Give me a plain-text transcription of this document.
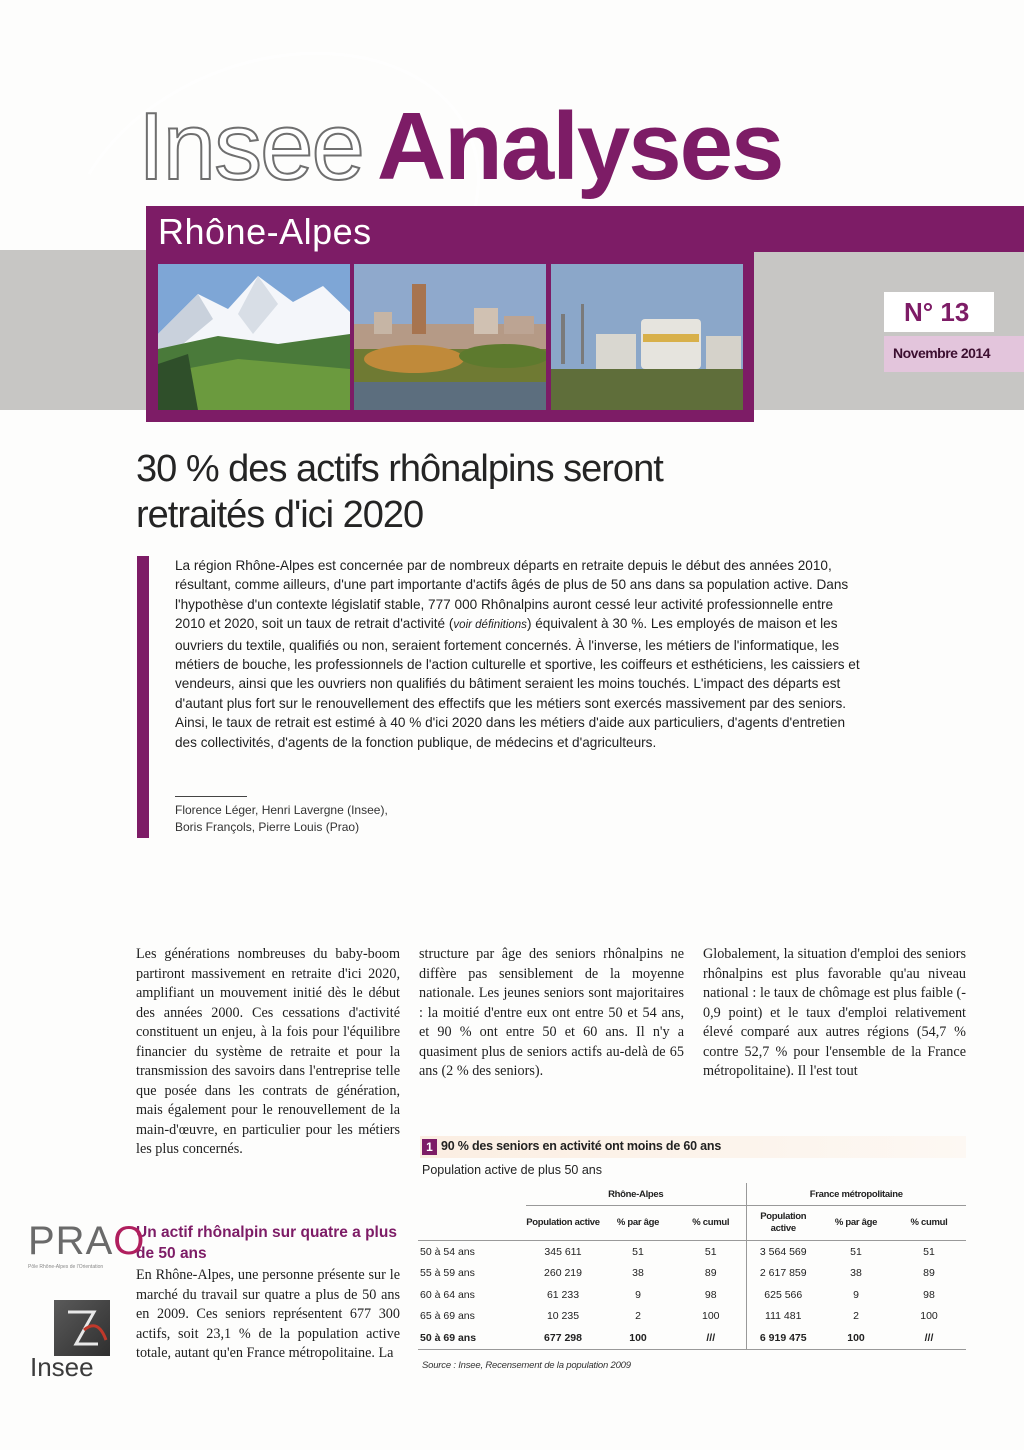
Insee Analyses
Rhône-Alpes
N° 13
Novembre 2014
30 % des actifs rhônalpins seront
retraités d'ici 2020
La région Rhône-Alpes est concernée par de nombreux départs en retraite depuis le début des années 2010, résultant, comme ailleurs, d'une part importante d'actifs âgés de plus de 50 ans dans sa population active. Dans l'hypothèse d'un contexte législatif stable, 777 000 Rhônalpins auront cessé leur activité professionnelle entre 2010 et 2020, soit un taux de retrait d'activité (voir définitions) équivalent à 30 %. Les employés de maison et les ouvriers du textile, qualifiés ou non, seraient fortement concernés. À l'inverse, les métiers de l'informatique, les métiers de bouche, les professionnels de l'action culturelle et sportive, les coiffeurs et esthéticiens, les caissiers et vendeurs, ainsi que les ouvriers non qualifiés du bâtiment seraient les moins touchés. L'impact des départs est d'autant plus fort sur le renouvellement des effectifs que les métiers sont exercés massivement par des seniors. Ainsi, le taux de retrait est estimé à 40 % d'ici 2020 dans les métiers d'aide aux particuliers, d'agents d'entretien des collectivités, d'agents de la fonction publique, de médecins et d'agriculteurs.
Florence Léger, Henri Lavergne (Insee),
Boris Françols, Pierre Louis (Prao)
Les générations nombreuses du baby-boom partiront massivement en retraite d'ici 2020, amplifiant un mouvement initié dès le début des années 2000. Ces cessations d'activité constituent un enjeu, à la fois pour l'équilibre financier du système de retraite et pour la transmission des savoirs dans l'entreprise telle que posée dans les contrats de génération, mais également pour le renouvellement de la main-d'œuvre, en particulier pour les métiers les plus concernés.
Un actif rhônalpin sur quatre a plus de 50 ans
En Rhône-Alpes, une personne présente sur le marché du travail sur quatre a plus de 50 ans en 2009. Ces seniors représentent 677 300 actifs, soit 23,1 % de la population active totale, autant qu'en France métropolitaine. La
structure par âge des seniors rhônalpins ne diffère pas sensiblement de la moyenne nationale. Les jeunes seniors sont majoritaires : la moitié d'entre eux ont entre 50 et 54 ans, et 90 % ont entre 50 et 60 ans. Il n'y a quasiment plus de seniors actifs au-delà de 65 ans (2 % des seniors).
Globalement, la situation d'emploi des seniors rhônalpins est plus favorable qu'au niveau national : le taux de chômage est plus faible (- 0,9 point) et le taux d'emploi relativement élevé comparé aux autres régions (54,7 % contre 52,7 % pour l'ensemble de la France métropolitaine). Il l'est tout
PRAO
Pôle Rhône-Alpes de l'Orientation
Insee
1 90 % des seniors en activité ont moins de 60 ans
Population active de plus 50 ans
	Rhône-Alpes			France métropolitaine		
	Population active	% par âge	% cumul	Population active	% par âge	% cumul
50 à 54 ans	345 611	51	51	3 564 569	51	51
55 à 59 ans	260 219	38	89	2 617 859	38	89
60 à 64 ans	61 233	9	98	625 566	9	98
65 à 69 ans	10 235	2	100	111 481	2	100
50 à 69 ans	677 298	100	///	6 919 475	100	///
Source : Insee, Recensement de la population 2009
